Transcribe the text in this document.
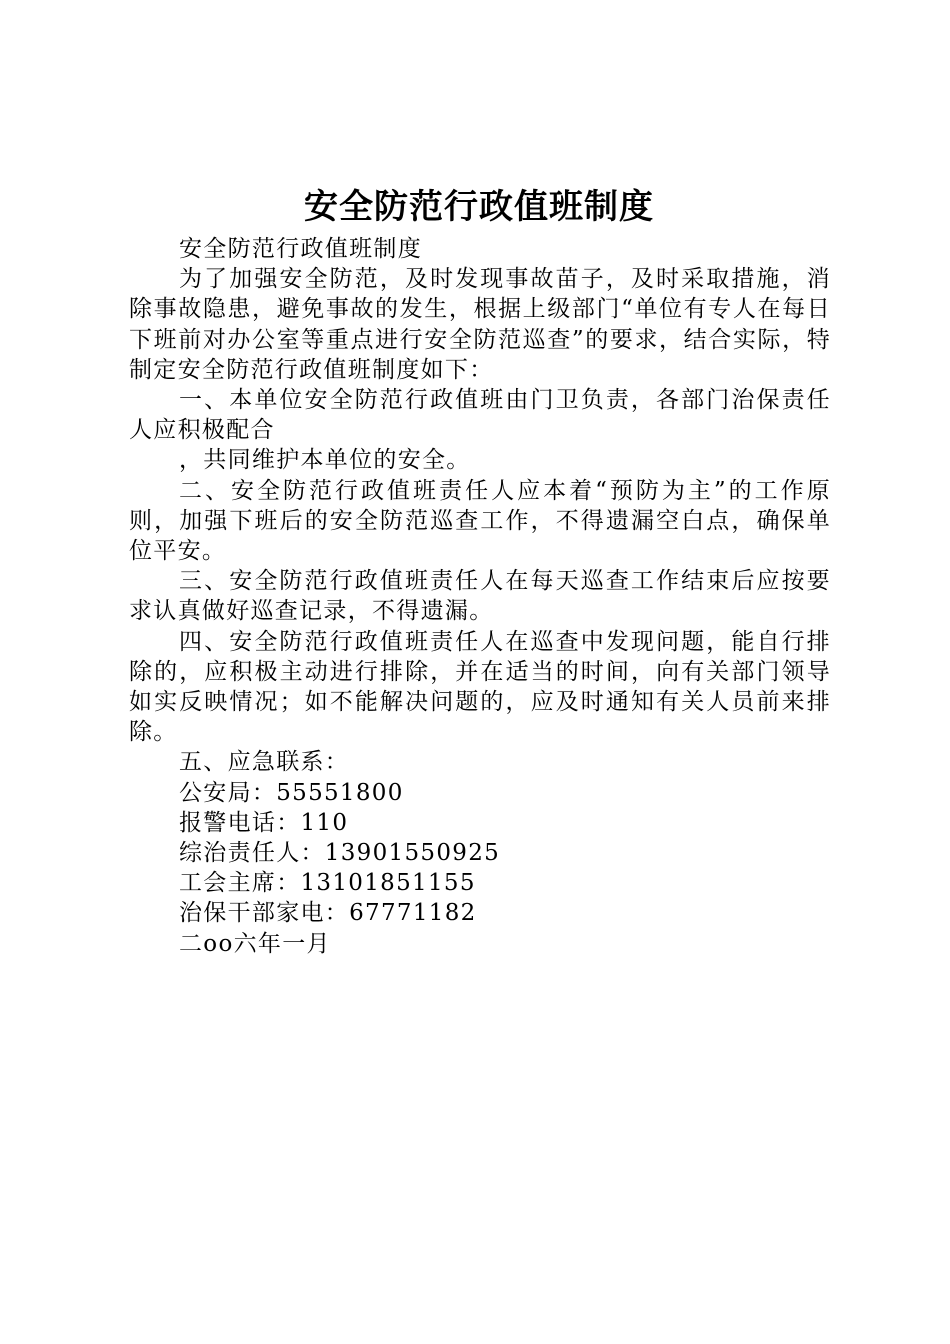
安全防范行政值班制度
安全防范行政值班制度

为了加强安全防范，及时发现事故苗子，及时采取措施，消除事故隐患，避免事故的发生，根据上级部门“单位有专人在每日下班前对办公室等重点进行安全防范巡查”的要求，结合实际，特制定安全防范行政值班制度如下：

一、本单位安全防范行政值班由门卫负责，各部门治保责任人应积极配合

，共同维护本单位的安全。

二、安全防范行政值班责任人应本着“预防为主”的工作原则，加强下班后的安全防范巡查工作，不得遗漏空白点，确保单位平安。

三、安全防范行政值班责任人在每天巡查工作结束后应按要求认真做好巡查记录，不得遗漏。

四、安全防范行政值班责任人在巡查中发现问题，能自行排除的，应积极主动进行排除，并在适当的时间，向有关部门领导如实反映情况；如不能解决问题的，应及时通知有关人员前来排除。

五、应急联系：
公安局：55551800
报警电话：110
综治责任人：13901550925
工会主席：13101851155
治保干部家电：67771182
二oo六年一月
